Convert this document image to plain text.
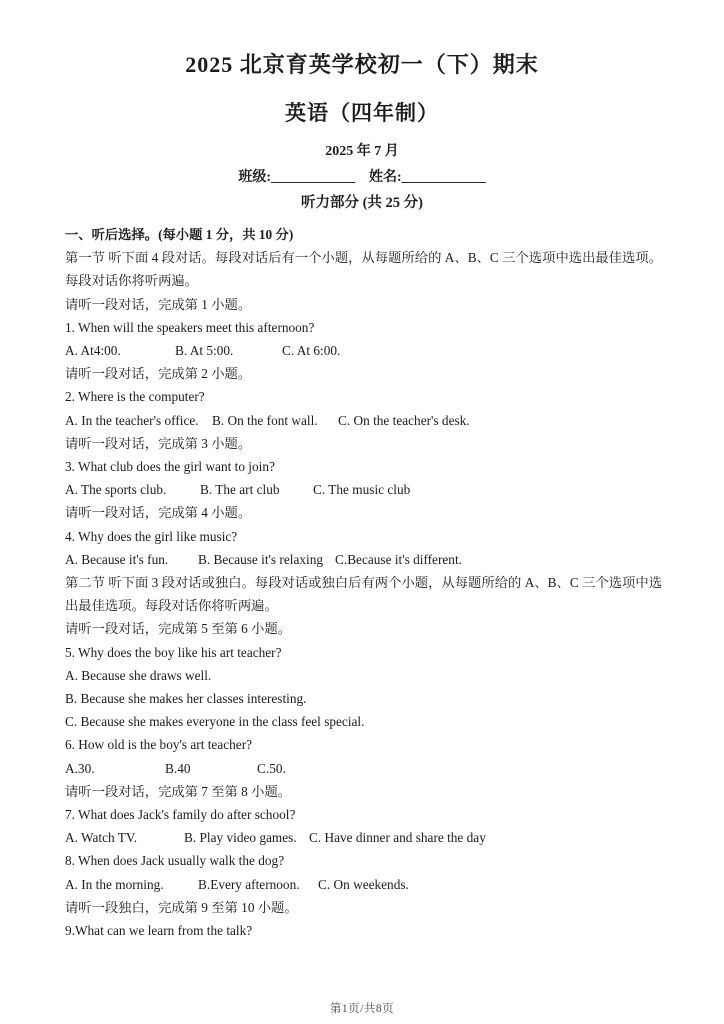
2025 北京育英学校初一（下）期末
英语（四年制）
2025 年 7 月
班级:____________ 姓名:____________
听力部分 (共 25 分)
一、听后选择。(每小题 1 分，共 10 分)
第一节 听下面 4 段对话。每段对话后有一个小题，从每题所给的 A、B、C 三个选项中选出最佳选项。每段对话你将听两遍。
请听一段对话，完成第 1 小题。
1. When will the speakers meet this afternoon?
A. At4:00.	B. At 5:00.	C. At 6:00.
请听一段对话，完成第 2 小题。
2. Where is the computer?
A. In the teacher's office. B. On the font wall. C. On the teacher's desk.
请听一段对话，完成第 3 小题。
3. What club does the girl want to join?
A. The sports club.	B. The art club	C. The music club
请听一段对话，完成第 4 小题。
4. Why does the girl like music?
A. Because it's fun. B. Because it's relaxing C.Because it's different.
第二节 听下面 3 段对话或独白。每段对话或独白后有两个小题，从每题所给的 A、B、C 三个选项中选出最佳选项。每段对话你将听两遍。
请听一段对话，完成第 5 至第 6 小题。
5. Why does the boy like his art teacher?
A. Because she draws well.
B. Because she makes her classes interesting.
C. Because she makes everyone in the class feel special.
6. How old is the boy's art teacher?
A.30.	B.40	C.50.
请听一段对话，完成第 7 至第 8 小题。
7. What does Jack's family do after school?
A. Watch TV.	B. Play video games. C. Have dinner and share the day
8. When does Jack usually walk the dog?
A. In the morning.	B.Every afternoon. C. On weekends.
请听一段独白，完成第 9 至第 10 小题。
9.What can we learn from the talk?
第1页/共8页
